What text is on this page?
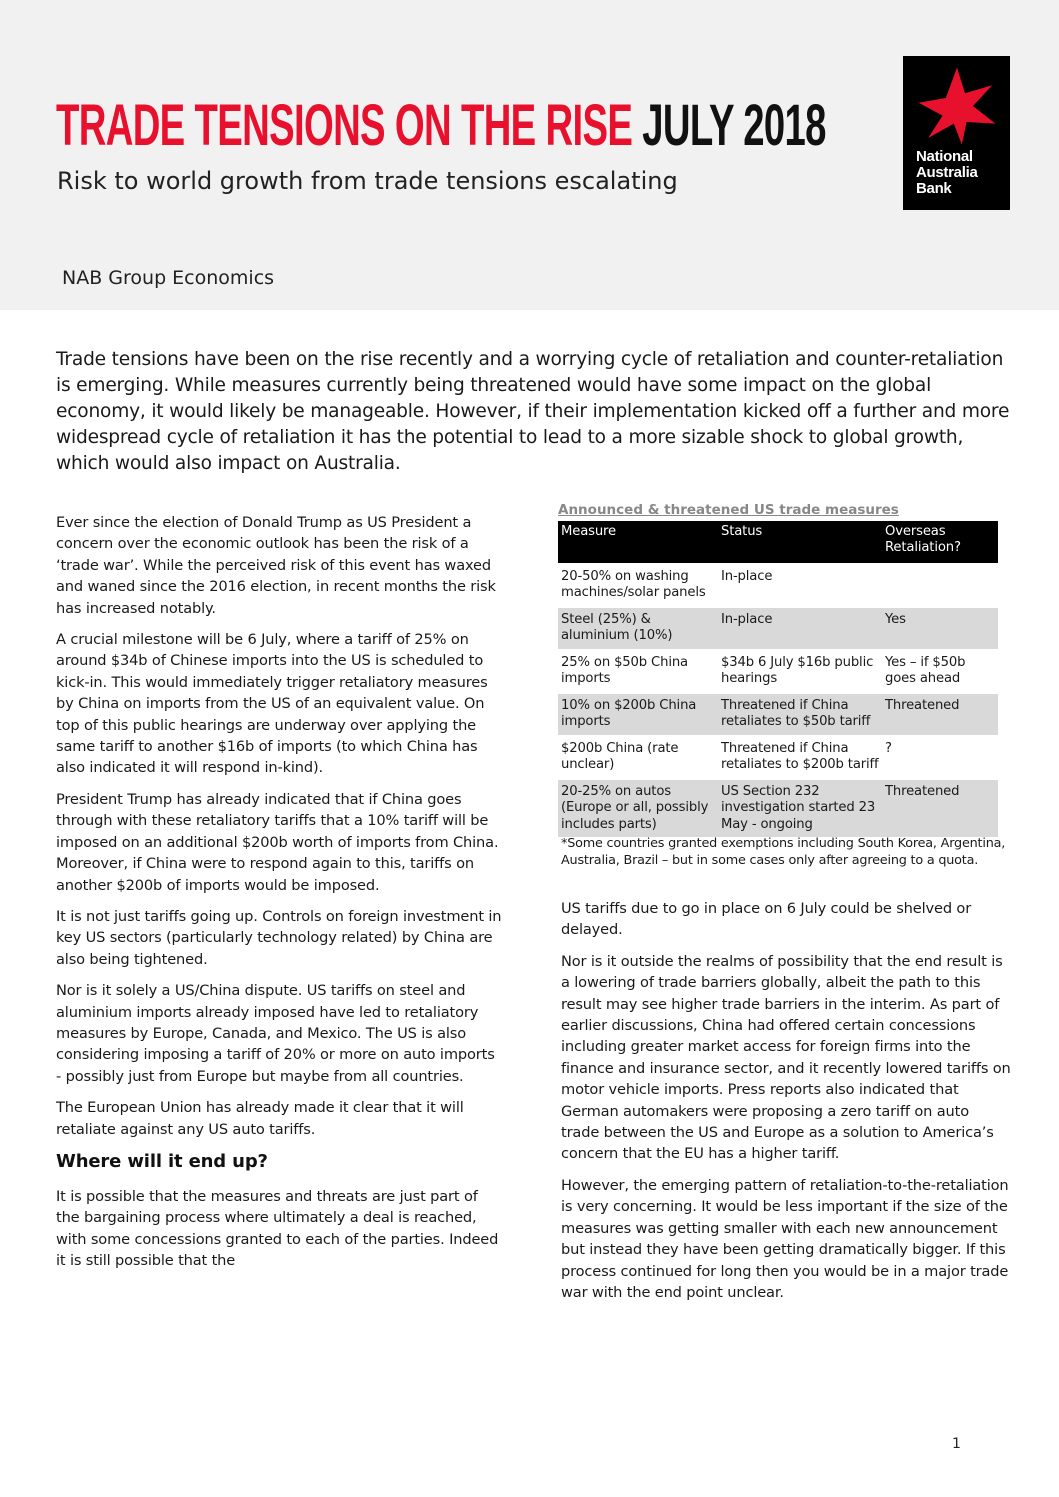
TRADE TENSIONS ON THE RISE JULY 2018
Risk to world growth from trade tensions escalating

NAB Group Economics

National
Australia
Bank

Trade tensions have been on the rise recently and a worrying cycle of retaliation and counter-retaliation is emerging. While measures currently being threatened would have some impact on the global economy, it would likely be manageable. However, if their implementation kicked off a further and more widespread cycle of retaliation it has the potential to lead to a more sizable shock to global growth, which would also impact on Australia.

Ever since the election of Donald Trump as US President a concern over the economic outlook has been the risk of a ‘trade war’. While the perceived risk of this event has waxed and waned since the 2016 election, in recent months the risk has increased notably.

A crucial milestone will be 6 July, where a tariff of 25% on around $34b of Chinese imports into the US is scheduled to kick-in. This would immediately trigger retaliatory measures by China on imports from the US of an equivalent value. On top of this public hearings are underway over applying the same tariff to another $16b of imports (to which China has also indicated it will respond in-kind).

President Trump has already indicated that if China goes through with these retaliatory tariffs that a 10% tariff will be imposed on an additional $200b worth of imports from China. Moreover, if China were to respond again to this, tariffs on another $200b of imports would be imposed.

It is not just tariffs going up. Controls on foreign investment in key US sectors (particularly technology related) by China are also being tightened.

Nor is it solely a US/China dispute. US tariffs on steel and aluminium imports already imposed have led to retaliatory measures by Europe, Canada, and Mexico. The US is also considering imposing a tariff of 20% or more on auto imports - possibly just from Europe but maybe from all countries.

The European Union has already made it clear that it will retaliate against any US auto tariffs.

Where will it end up?

It is possible that the measures and threats are just part of the bargaining process where ultimately a deal is reached, with some concessions granted to each of the parties. Indeed it is still possible that the

Announced & threatened US trade measures
Measure	Status	Overseas Retaliation?
20-50% on washing machines/solar panels	In-place	
Steel (25%) & aluminium (10%)	In-place	Yes
25% on $50b China imports	$34b 6 July $16b public hearings	Yes – if $50b goes ahead
10% on $200b China imports	Threatened if China retaliates to $50b tariff	Threatened
$200b China (rate unclear)	Threatened if China retaliates to $200b tariff	?
20-25% on autos (Europe or all, possibly includes parts)	US Section 232 investigation started 23 May - ongoing	Threatened

*Some countries granted exemptions including South Korea, Argentina, Australia, Brazil – but in some cases only after agreeing to a quota.

US tariffs due to go in place on 6 July could be shelved or delayed.

Nor is it outside the realms of possibility that the end result is a lowering of trade barriers globally, albeit the path to this result may see higher trade barriers in the interim. As part of earlier discussions, China had offered certain concessions including greater market access for foreign firms into the finance and insurance sector, and it recently lowered tariffs on motor vehicle imports. Press reports also indicated that German automakers were proposing a zero tariff on auto trade between the US and Europe as a solution to America’s concern that the EU has a higher tariff.

However, the emerging pattern of retaliation-to-the-retaliation is very concerning. It would be less important if the size of the measures was getting smaller with each new announcement but instead they have been getting dramatically bigger. If this process continued for long then you would be in a major trade war with the end point unclear.

1
